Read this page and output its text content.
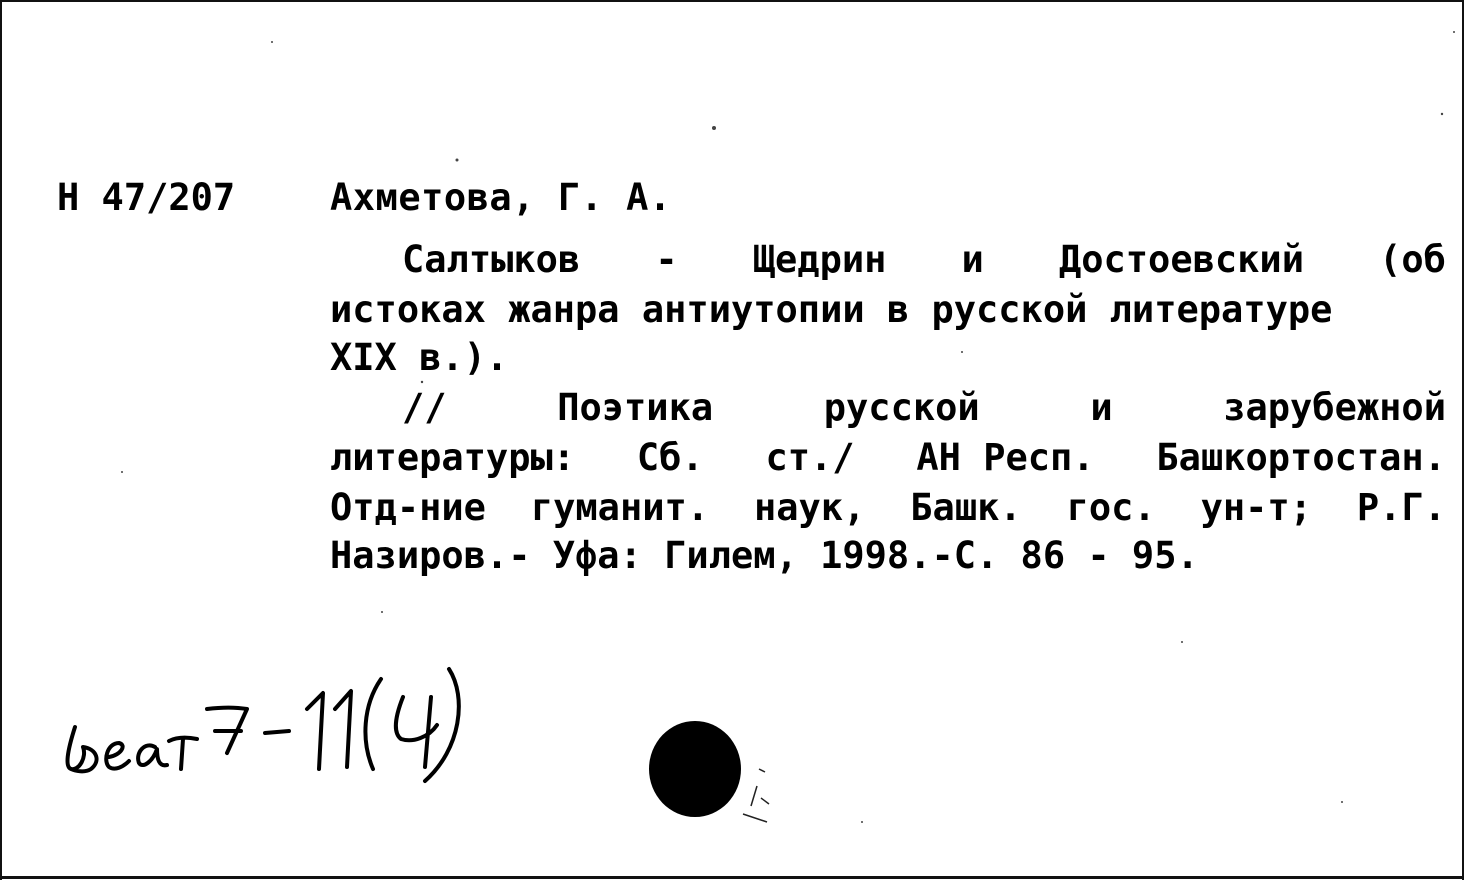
Н 47/207	Ахметова, Г. А.

Салтыков - Щедрин и Достоевский (об
истоках жанра антиутопии в русской литературе
XIX в.).
//	Поэтика	русской	и	зарубежной
литературы: Сб. ст./ АН Респ. Башкортостан.
Отд-ние гуманит. наук, Башк. гос. ун-т; Р.Г.
Назиров.- Уфа: Гилем, 1998.-С. 86 - 95.
